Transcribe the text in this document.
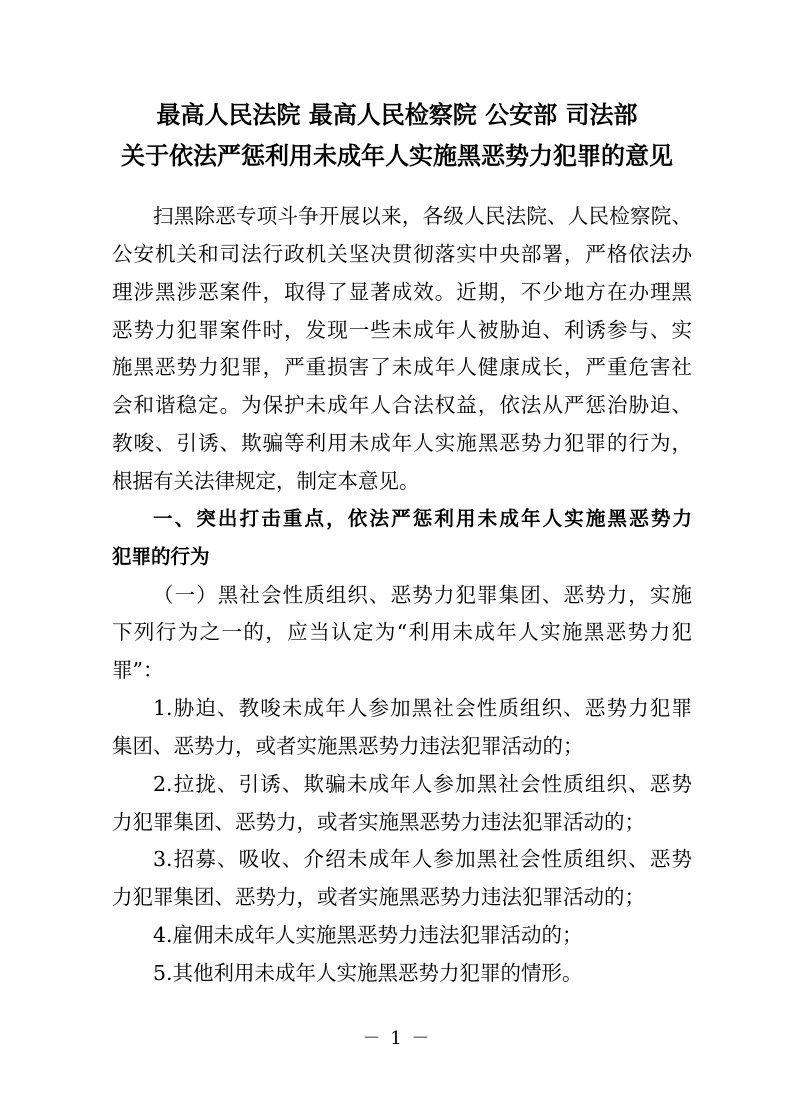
最高人民法院 最高人民检察院 公安部 司法部
关于依法严惩利用未成年人实施黑恶势力犯罪的意见
扫黑除恶专项斗争开展以来，各级人民法院、人民检察院、
公安机关和司法行政机关坚决贯彻落实中央部署，严格依法办
理涉黑涉恶案件，取得了显著成效。近期，不少地方在办理黑
恶势力犯罪案件时，发现一些未成年人被胁迫、利诱参与、实
施黑恶势力犯罪，严重损害了未成年人健康成长，严重危害社
会和谐稳定。为保护未成年人合法权益，依法从严惩治胁迫、
教唆、引诱、欺骗等利用未成年人实施黑恶势力犯罪的行为，
根据有关法律规定，制定本意见。
一、突出打击重点，依法严惩利用未成年人实施黑恶势力
犯罪的行为
（一）黑社会性质组织、恶势力犯罪集团、恶势力，实施
下列行为之一的，应当认定为“利用未成年人实施黑恶势力犯
罪”：
1.胁迫、教唆未成年人参加黑社会性质组织、恶势力犯罪
集团、恶势力，或者实施黑恶势力违法犯罪活动的；
2.拉拢、引诱、欺骗未成年人参加黑社会性质组织、恶势
力犯罪集团、恶势力，或者实施黑恶势力违法犯罪活动的；
3.招募、吸收、介绍未成年人参加黑社会性质组织、恶势
力犯罪集团、恶势力，或者实施黑恶势力违法犯罪活动的；
4.雇佣未成年人实施黑恶势力违法犯罪活动的；
5.其他利用未成年人实施黑恶势力犯罪的情形。
－ 1 －
